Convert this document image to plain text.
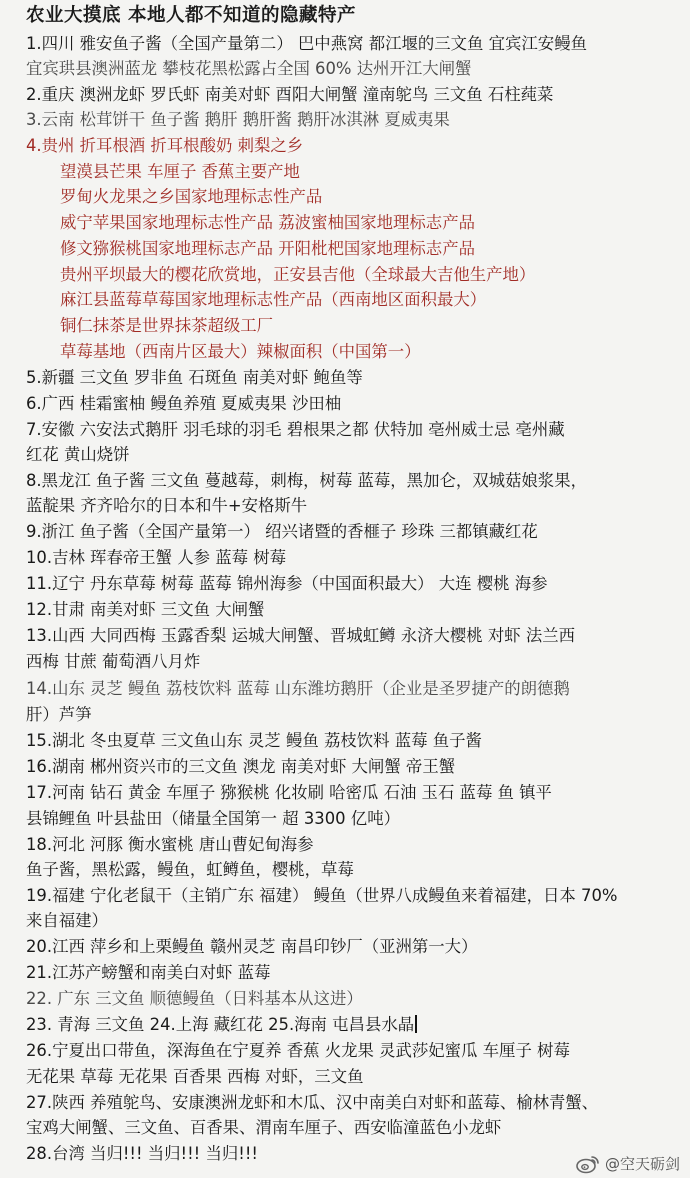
农业大摸底 本地人都不知道的隐藏特产
1.四川 雅安鱼子酱（全国产量第二） 巴中燕窝 都江堰的三文鱼 宜宾江安鳗鱼
宜宾珙县澳洲蓝龙 攀枝花黑松露占全国 60% 达州开江大闸蟹
2.重庆 澳洲龙虾 罗氏虾 南美对虾 酉阳大闸蟹 潼南鸵鸟 三文鱼 石柱莼菜
3.云南 松茸饼干 鱼子酱 鹅肝 鹅肝酱 鹅肝冰淇淋 夏威夷果
4.贵州 折耳根酒 折耳根酸奶 刺梨之乡
望漠县芒果 车厘子 香蕉主要产地
罗甸火龙果之乡国家地理标志性产品
威宁苹果国家地理标志性产品 荔波蜜柚国家地理标志产品
修文猕猴桃国家地理标志产品 开阳枇杷国家地理标志产品
贵州平坝最大的樱花欣赏地，正安县吉他（全球最大吉他生产地）
麻江县蓝莓草莓国家地理标志性产品（西南地区面积最大）
铜仁抹茶是世界抹茶超级工厂
草莓基地（西南片区最大）辣椒面积（中国第一）
5.新疆 三文鱼 罗非鱼 石斑鱼 南美对虾 鲍鱼等
6.广西 桂霜蜜柚 鳗鱼养殖 夏威夷果 沙田柚
7.安徽 六安法式鹅肝 羽毛球的羽毛 碧根果之都 伏特加 亳州威士忌 亳州藏
红花 黄山烧饼
8.黑龙江 鱼子酱 三文鱼 蔓越莓，刺梅，树莓 蓝莓，黑加仑，双城菇娘浆果，
蓝靛果 齐齐哈尔的日本和牛+安格斯牛
9.浙江 鱼子酱（全国产量第一） 绍兴诸暨的香榧子 珍珠 三都镇藏红花
10.吉林 珲春帝王蟹 人参 蓝莓 树莓
11.辽宁 丹东草莓 树莓 蓝莓 锦州海参（中国面积最大） 大连 樱桃 海参
12.甘肃 南美对虾 三文鱼 大闸蟹
13.山西 大同西梅 玉露香梨 运城大闸蟹、晋城虹鳟 永济大樱桃 对虾 法兰西
西梅 甘蔗 葡萄酒八月炸
14.山东 灵芝 鳗鱼 荔枝饮料 蓝莓 山东潍坊鹅肝（企业是圣罗捷产的朗德鹅
肝）芦笋
15.湖北 冬虫夏草 三文鱼山东 灵芝 鳗鱼 荔枝饮料 蓝莓 鱼子酱
16.湖南 郴州资兴市的三文鱼 澳龙 南美对虾 大闸蟹 帝王蟹
17.河南 钻石 黄金 车厘子 猕猴桃 化妆刷 哈密瓜 石油 玉石 蓝莓 鱼 镇平
县锦鲤鱼 叶县盐田（储量全国第一 超 3300 亿吨）
18.河北 河豚 衡水蜜桃 唐山曹妃甸海参
鱼子酱，黑松露，鳗鱼，虹鳟鱼，樱桃，草莓
19.福建 宁化老鼠干（主销广东 福建） 鳗鱼（世界八成鳗鱼来着福建，日本 70%
来自福建）
20.江西 萍乡和上栗鳗鱼 赣州灵芝 南昌印钞厂（亚洲第一大）
21.江苏产螃蟹和南美白对虾 蓝莓
22. 广东 三文鱼 顺德鳗鱼（日料基本从这进）
23. 青海 三文鱼 24.上海 藏红花 25.海南 屯昌县水晶
26.宁夏出口带鱼，深海鱼在宁夏养 香蕉 火龙果 灵武莎妃蜜瓜 车厘子 树莓
无花果 草莓 无花果 百香果 西梅 对虾，三文鱼
27.陕西 养殖鸵鸟、安康澳洲龙虾和木瓜、汉中南美白对虾和蓝莓、榆林青蟹、
宝鸡大闸蟹、三文鱼、百香果、渭南车厘子、西安临潼蓝色小龙虾
28.台湾 当归!!! 当归!!! 当归!!!
@空天砺剑
